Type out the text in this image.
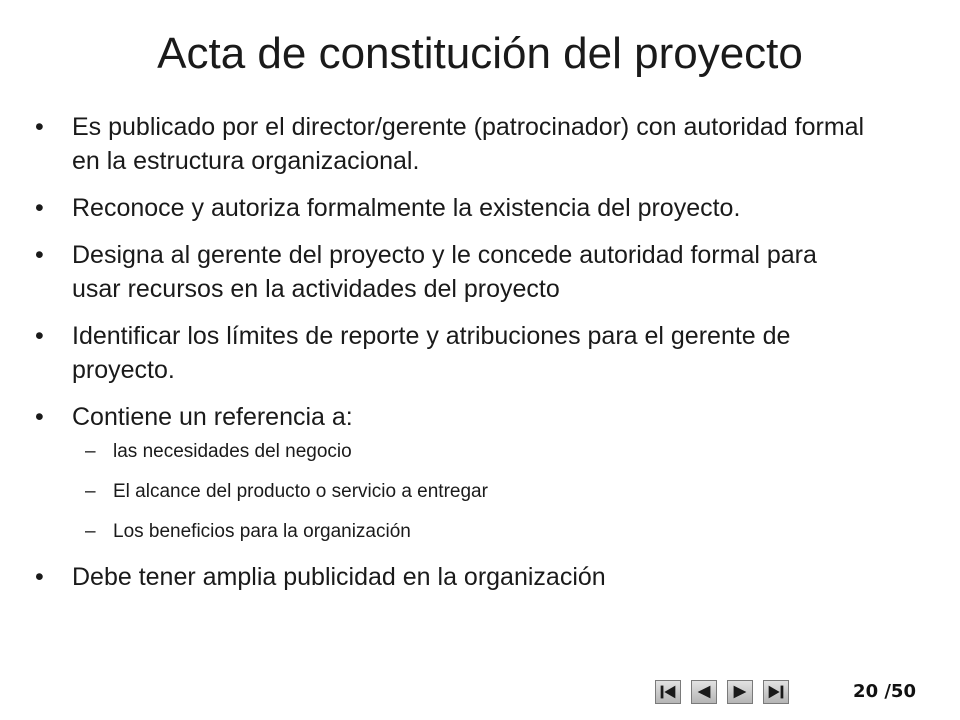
Acta de constitución del proyecto
• Es publicado por el director/gerente (patrocinador) con autoridad formal en la estructura organizacional.
• Reconoce y autoriza formalmente la existencia del proyecto.
• Designa al gerente del proyecto y le concede autoridad formal para usar recursos en la actividades del proyecto
• Identificar los límites de reporte y atribuciones para el gerente de proyecto.
• Contiene un referencia a:
– las necesidades del negocio
– El alcance del producto o servicio a entregar
– Los beneficios para la organización
• Debe tener amplia publicidad en la organización
20 /50
